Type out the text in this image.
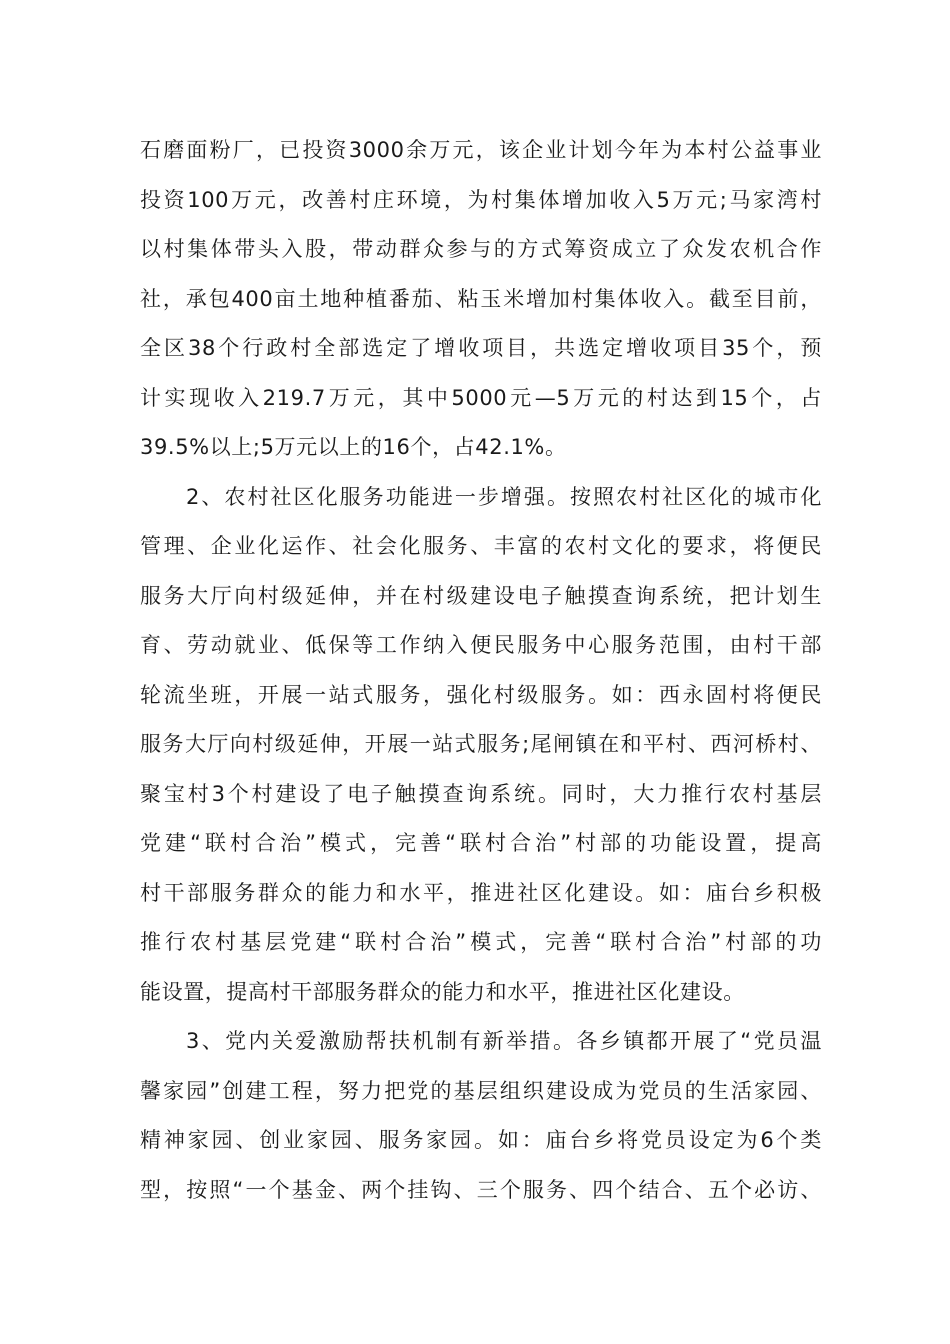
石磨面粉厂，已投资3000余万元，该企业计划今年为本村公益事业
投资100万元，改善村庄环境，为村集体增加收入5万元;马家湾村
以村集体带头入股，带动群众参与的方式筹资成立了众发农机合作
社，承包400亩土地种植番茄、粘玉米增加村集体收入。截至目前，
全区38个行政村全部选定了增收项目，共选定增收项目35个，预
计实现收入219.7万元，其中5000元—5万元的村达到15个，占
39.5%以上;5万元以上的16个，占42.1%。
2、农村社区化服务功能进一步增强。按照农村社区化的城市化
管理、企业化运作、社会化服务、丰富的农村文化的要求，将便民
服务大厅向村级延伸，并在村级建设电子触摸查询系统，把计划生
育、劳动就业、低保等工作纳入便民服务中心服务范围，由村干部
轮流坐班，开展一站式服务，强化村级服务。如：西永固村将便民
服务大厅向村级延伸，开展一站式服务;尾闸镇在和平村、西河桥村、
聚宝村3个村建设了电子触摸查询系统。同时，大力推行农村基层
党建“联村合治”模式，完善“联村合治”村部的功能设置，提高
村干部服务群众的能力和水平，推进社区化建设。如：庙台乡积极
推行农村基层党建“联村合治”模式，完善“联村合治”村部的功
能设置，提高村干部服务群众的能力和水平，推进社区化建设。
3、党内关爱激励帮扶机制有新举措。各乡镇都开展了“党员温
馨家园”创建工程，努力把党的基层组织建设成为党员的生活家园、
精神家园、创业家园、服务家园。如：庙台乡将党员设定为6个类
型，按照“一个基金、两个挂钩、三个服务、四个结合、五个必访、
